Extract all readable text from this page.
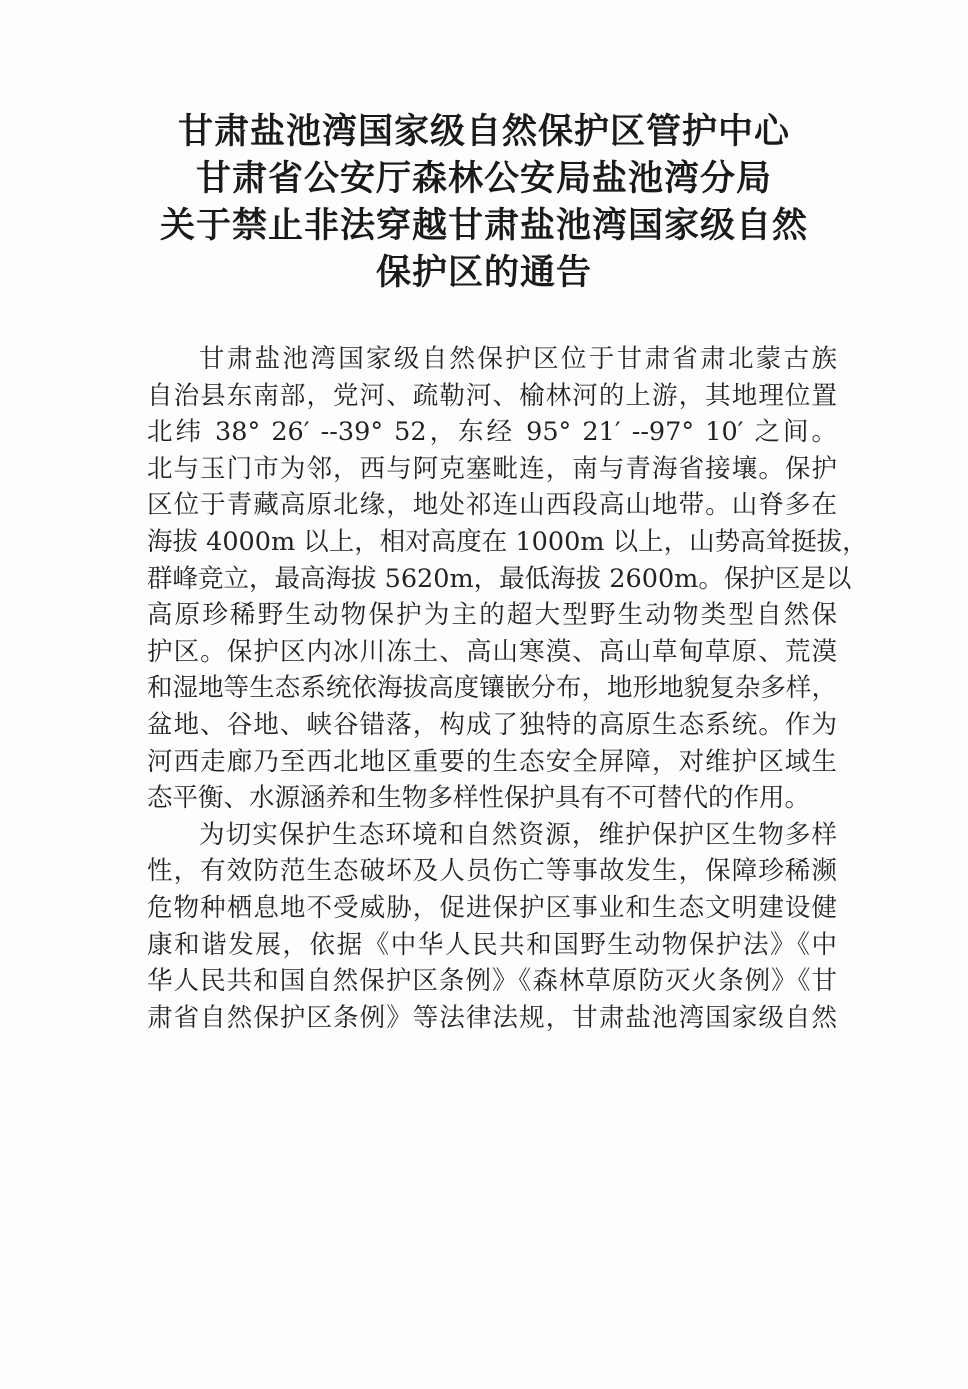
甘肃盐池湾国家级自然保护区管护中心
甘肃省公安厅森林公安局盐池湾分局
关于禁止非法穿越甘肃盐池湾国家级自然
保护区的通告
甘肃盐池湾国家级自然保护区位于甘肃省肃北蒙古族
自治县东南部，党河、疏勒河、榆林河的上游，其地理位置
北纬 38° 26′ --39° 52，东经 95° 21′ --97° 10′ 之间。
北与玉门市为邻，西与阿克塞毗连，南与青海省接壤。保护
区位于青藏高原北缘，地处祁连山西段高山地带。山脊多在
海拔 4000m 以上，相对高度在 1000m 以上，山势高耸挺拔，
群峰竞立，最高海拔 5620m，最低海拔 2600m。保护区是以
高原珍稀野生动物保护为主的超大型野生动物类型自然保
护区。保护区内冰川冻土、高山寒漠、高山草甸草原、荒漠
和湿地等生态系统依海拔高度镶嵌分布，地形地貌复杂多样，
盆地、谷地、峡谷错落，构成了独特的高原生态系统。作为
河西走廊乃至西北地区重要的生态安全屏障，对维护区域生
态平衡、水源涵养和生物多样性保护具有不可替代的作用。
为切实保护生态环境和自然资源，维护保护区生物多样
性，有效防范生态破坏及人员伤亡等事故发生，保障珍稀濒
危物种栖息地不受威胁，促进保护区事业和生态文明建设健
康和谐发展，依据《中华人民共和国野生动物保护法》《中
华人民共和国自然保护区条例》《森林草原防灭火条例》《甘
肃省自然保护区条例》等法律法规，甘肃盐池湾国家级自然
